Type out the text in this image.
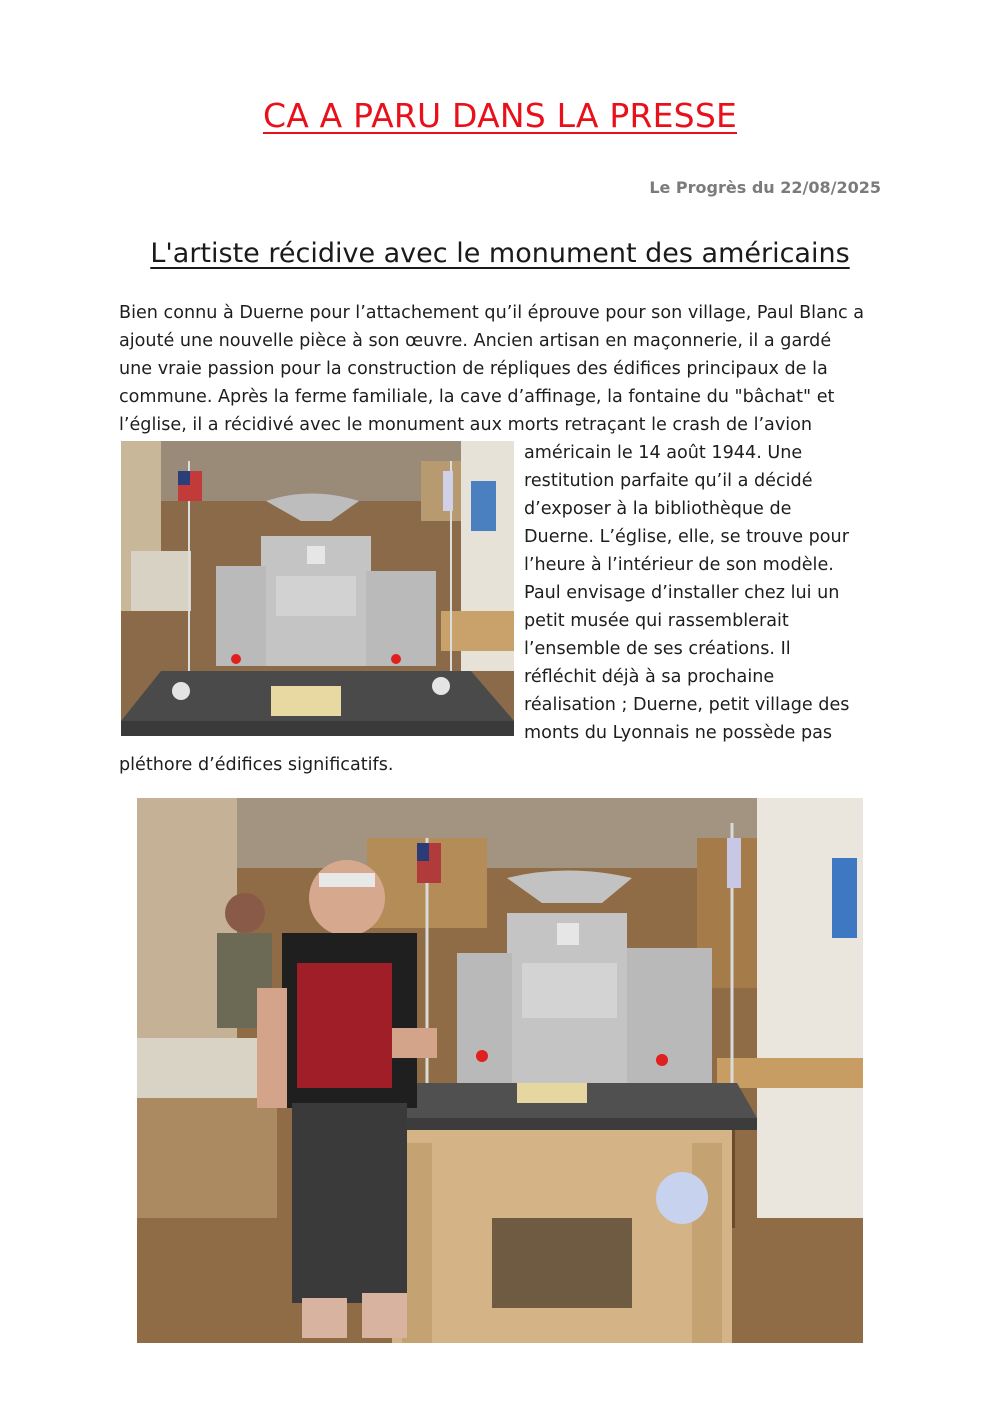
CA A PARU DANS LA PRESSE
Le Progrès du 22/08/2025
L'artiste récidive avec le monument des américains
Bien connu à Duerne pour l’attachement qu’il éprouve pour son village, Paul Blanc a
ajouté une nouvelle pièce à son œuvre. Ancien artisan en maçonnerie, il a gardé
une vraie passion pour la construction de répliques des édifices principaux de la
commune. Après la ferme familiale, la cave d’affinage, la fontaine du "bâchat" et
l’église, il a récidivé avec le monument aux morts retraçant le crash de l’avion
américain le 14 août 1944. Une
restitution parfaite qu’il a décidé
d’exposer à la bibliothèque de
Duerne. L’église, elle, se trouve pour
l’heure à l’intérieur de son modèle.
Paul envisage d’installer chez lui un
petit musée qui rassemblerait
l’ensemble de ses créations. Il
réfléchit déjà à sa prochaine
réalisation ; Duerne, petit village des
monts du Lyonnais ne possède pas
pléthore d’édifices significatifs.
